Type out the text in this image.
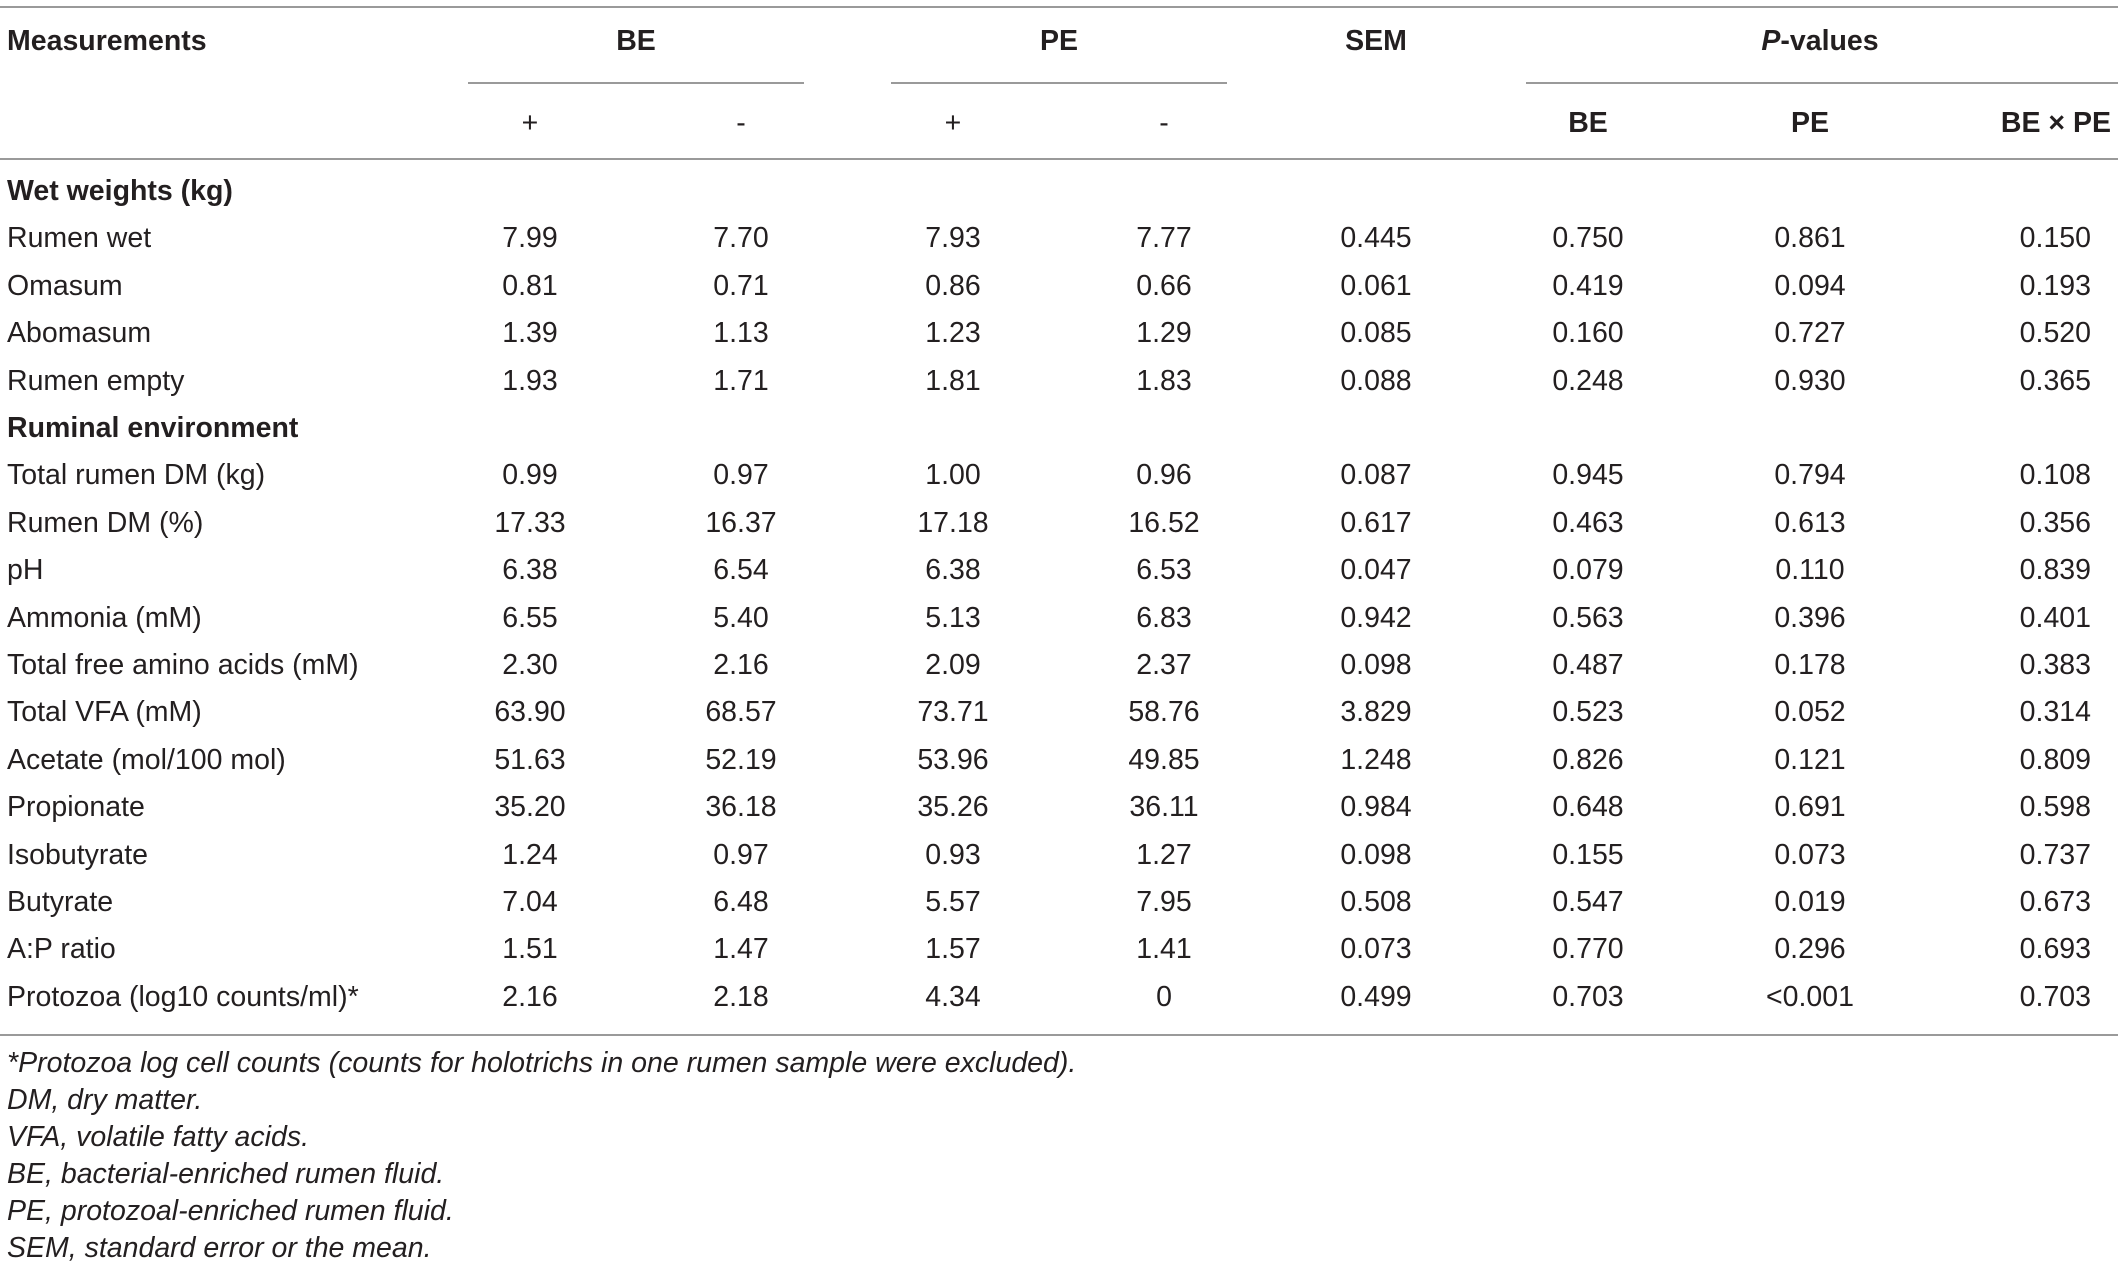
Measurements	BE	PE	SEM	P-values
+	-	+	-	BE	PE	BE × PE
Wet weights (kg)
Rumen wet	7.99	7.70	7.93	7.77	0.445	0.750	0.861	0.150
Omasum	0.81	0.71	0.86	0.66	0.061	0.419	0.094	0.193
Abomasum	1.39	1.13	1.23	1.29	0.085	0.160	0.727	0.520
Rumen empty	1.93	1.71	1.81	1.83	0.088	0.248	0.930	0.365
Ruminal environment
Total rumen DM (kg)	0.99	0.97	1.00	0.96	0.087	0.945	0.794	0.108
Rumen DM (%)	17.33	16.37	17.18	16.52	0.617	0.463	0.613	0.356
pH	6.38	6.54	6.38	6.53	0.047	0.079	0.110	0.839
Ammonia (mM)	6.55	5.40	5.13	6.83	0.942	0.563	0.396	0.401
Total free amino acids (mM)	2.30	2.16	2.09	2.37	0.098	0.487	0.178	0.383
Total VFA (mM)	63.90	68.57	73.71	58.76	3.829	0.523	0.052	0.314
Acetate (mol/100 mol)	51.63	52.19	53.96	49.85	1.248	0.826	0.121	0.809
Propionate	35.20	36.18	35.26	36.11	0.984	0.648	0.691	0.598
Isobutyrate	1.24	0.97	0.93	1.27	0.098	0.155	0.073	0.737
Butyrate	7.04	6.48	5.57	7.95	0.508	0.547	0.019	0.673
A:P ratio	1.51	1.47	1.57	1.41	0.073	0.770	0.296	0.693
Protozoa (log10 counts/ml)*	2.16	2.18	4.34	0	0.499	0.703	<0.001	0.703
*Protozoa log cell counts (counts for holotrichs in one rumen sample were excluded).
DM, dry matter.
VFA, volatile fatty acids.
BE, bacterial-enriched rumen fluid.
PE, protozoal-enriched rumen fluid.
SEM, standard error or the mean.
